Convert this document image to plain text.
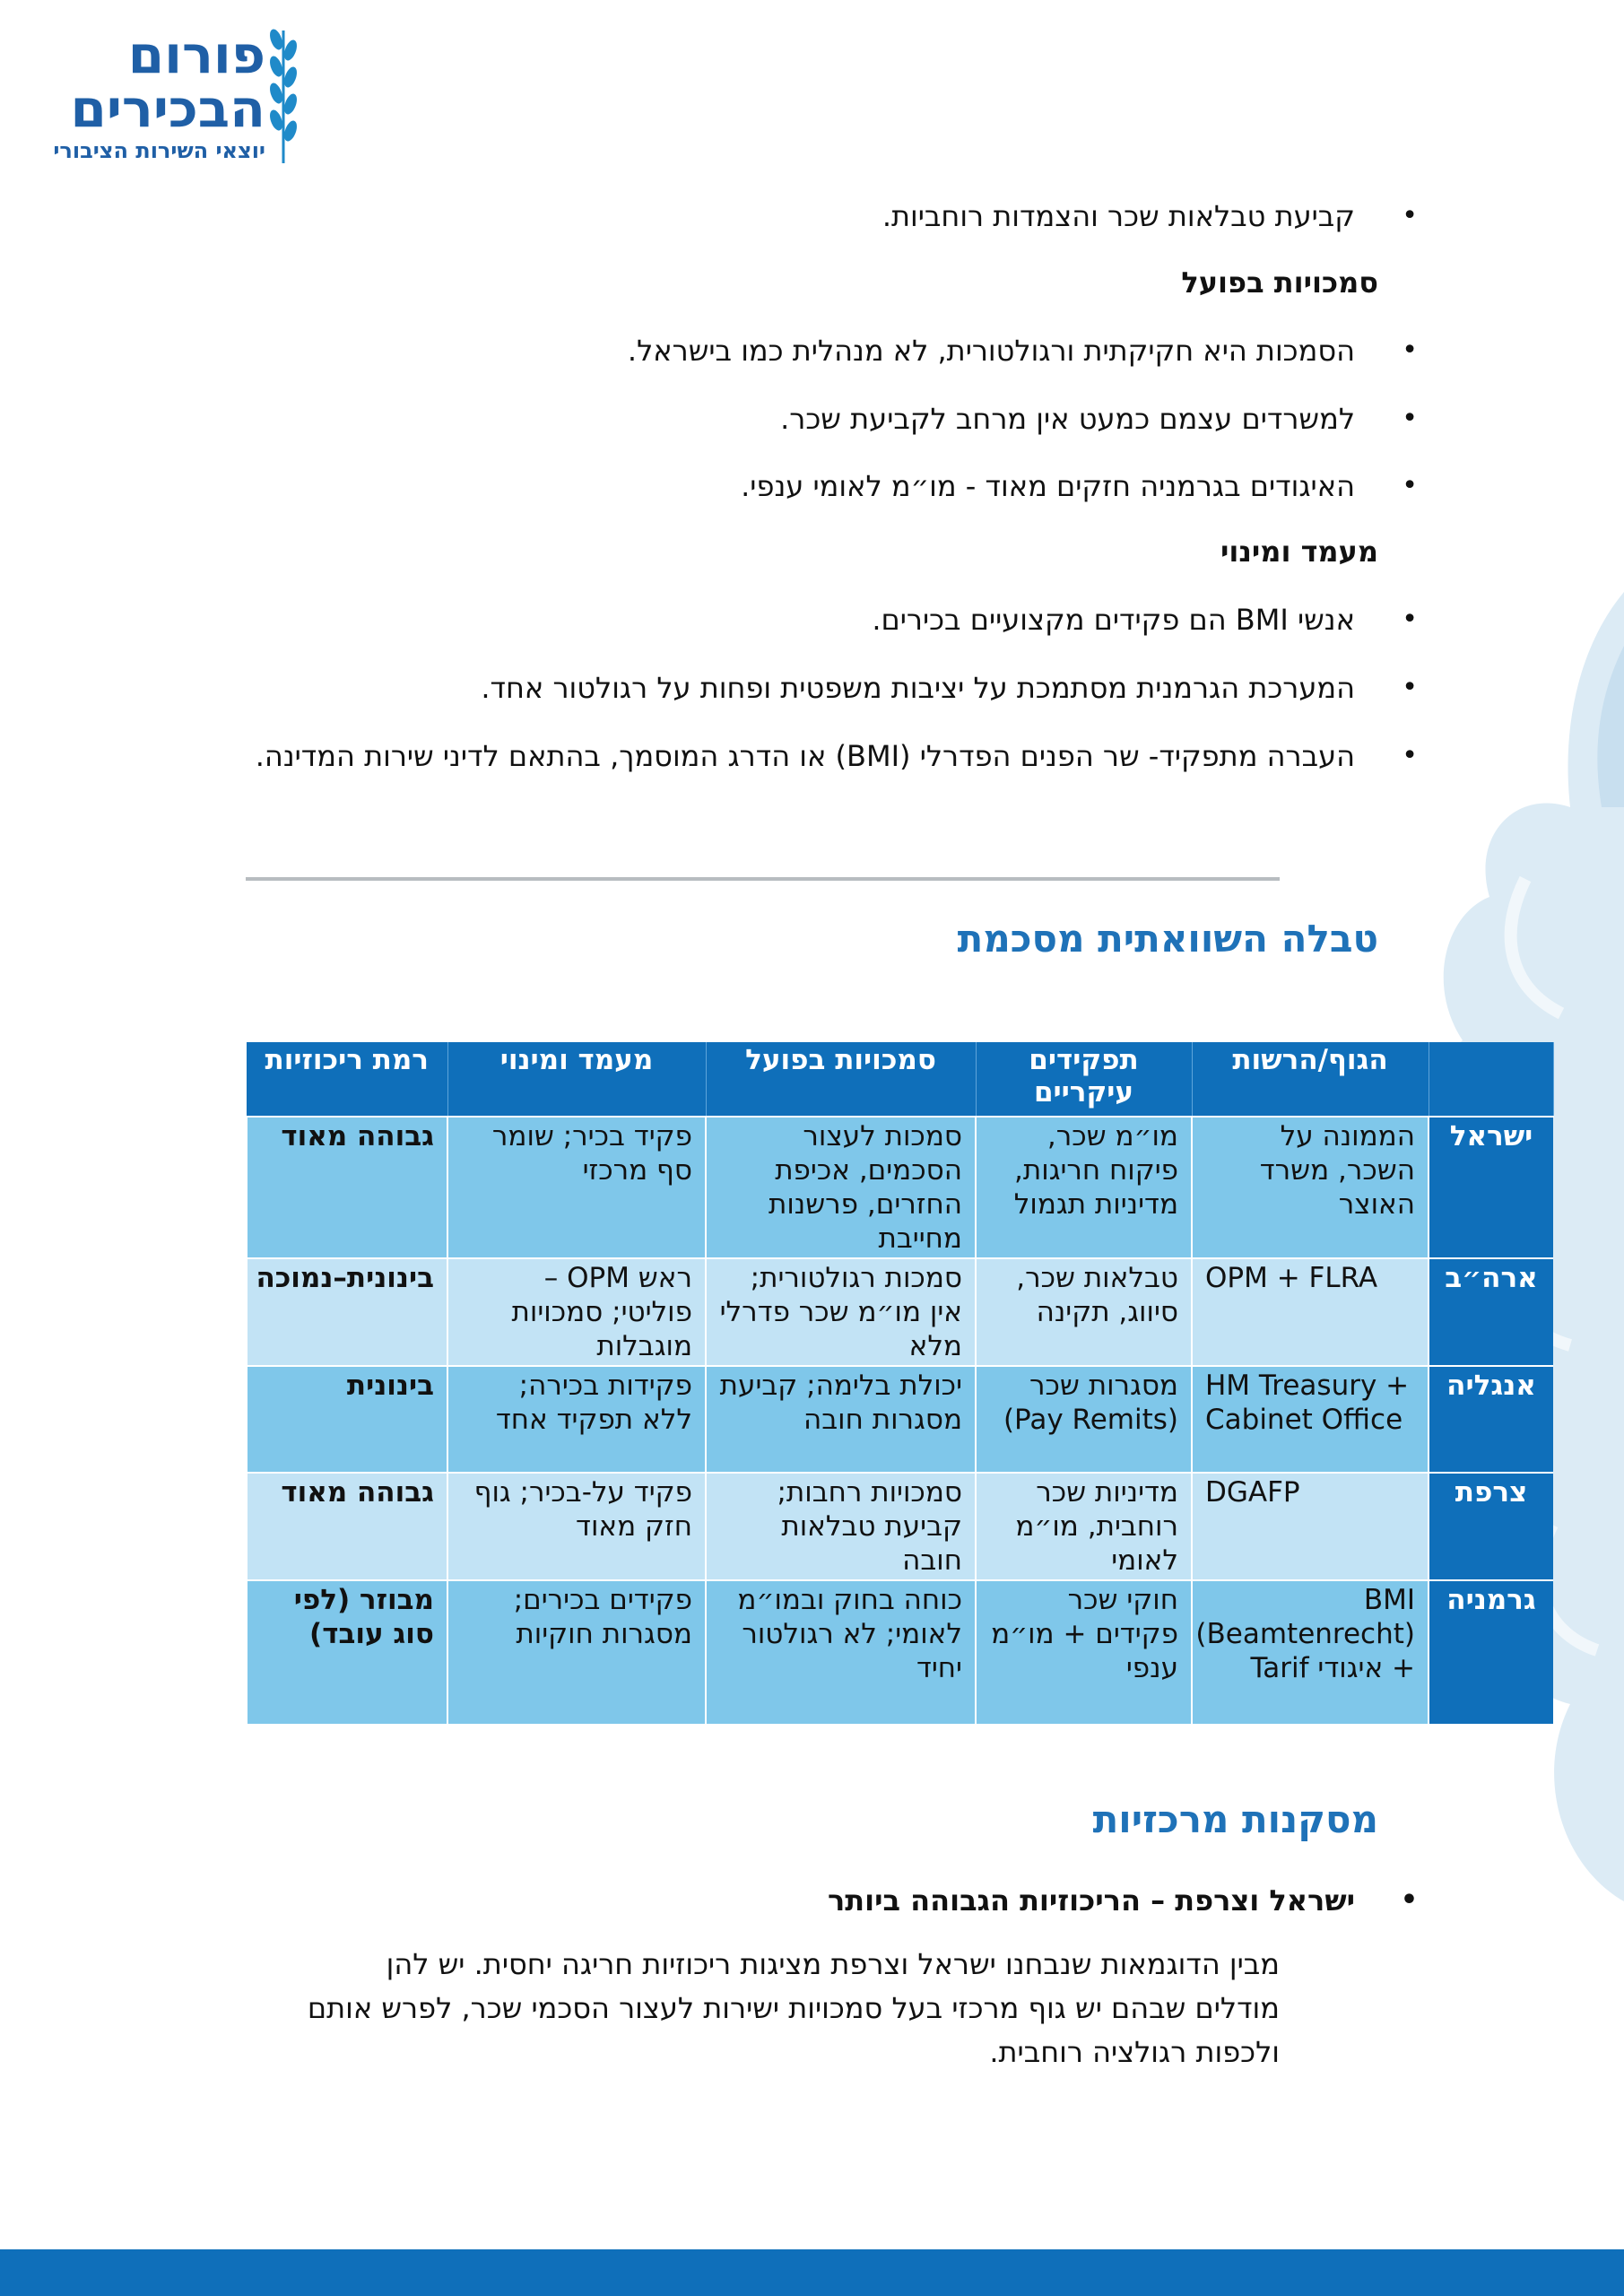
פורום
הבכירים
יוצאי השירות הציבורי
• קביעת טבלאות שכר והצמדות רוחביות.
סמכויות בפועל
• הסמכות היא חקיקתית ורגולטורית, לא מנהלית כמו בישראל.
• למשרדים עצמם כמעט אין מרחב לקביעת שכר.
• האיגודים בגרמניה חזקים מאוד - מו״מ לאומי ענפי.
מעמד ומינוי
• אנשי BMI הם פקידים מקצועיים בכירים.
• המערכת הגרמנית מסתמכת על יציבות משפטית ופחות על רגולטור אחד.
• העברה מתפקיד- שר הפנים הפדרלי (BMI) או הדרג המוסמך, בהתאם לדיני שירות המדינה.
טבלה השוואתית מסכמת
	הגוף/הרשות	תפקידים עיקריים	סמכויות בפועל	מעמד ומינוי	רמת ריכוזיות
ישראל	הממונה על השכר, משרד האוצר	מו״מ שכר, פיקוח חריגות, מדיניות תגמול	סמכות לעצור הסכמים, אכיפת החזרים, פרשנות מחייבת	פקיד בכיר; שומר סף מרכזי	גבוהה מאוד
ארה״ב	OPM + FLRA	טבלאות שכר, סיווג, תקינה	סמכות רגולטורית; אין מו״מ שכר פדרלי מלא	ראש OPM – פוליטי; סמכויות מוגבלות	בינונית–נמוכה
אנגליה	HM Treasury + Cabinet Office	מסגרות שכר (Pay Remits)	יכולת בלימה; קביעת מסגרות חובה	פקידות בכירה; ללא תפקיד אחד	בינונית
צרפת	DGAFP	מדיניות שכר רוחבית, מו״מ לאומי	סמכויות רחבות; קביעת טבלאות חובה	פקיד על-בכיר; גוף חזק מאוד	גבוהה מאוד
גרמניה	BMI (Beamtenrecht) + איגודי Tarif	חוקי שכר פקידים + מו״מ ענפי	כוחה בחוק ובמו״מ לאומי; לא רגולטור יחיד	פקידים בכירים; מסגרות חוקיות	מבוזר (לפי סוג עובד)
מסקנות מרכזיות
• ישראל וצרפת – הריכוזיות הגבוהה ביותר
מבין הדוגמאות שנבחנו ישראל וצרפת מציגות ריכוזיות חריגה יחסית. יש להן מודלים שבהם יש גוף מרכזי בעל סמכויות ישירות לעצור הסכמי שכר, לפרש אותם ולכפות רגולציה רוחבית.
